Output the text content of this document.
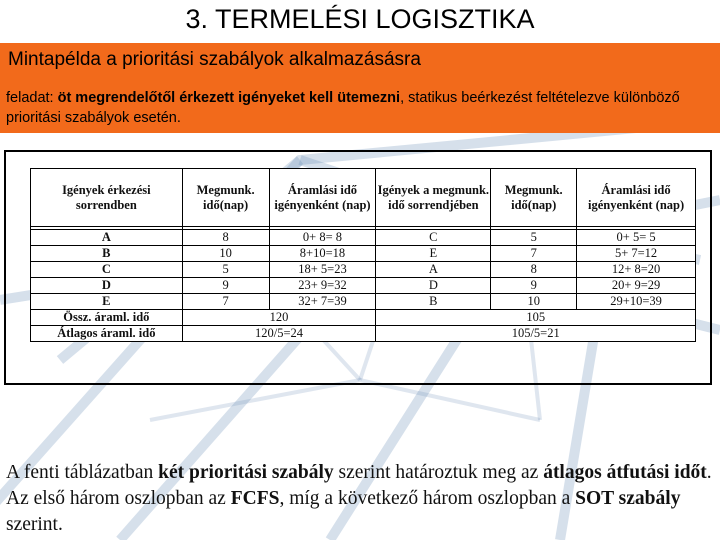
3. TERMELÉSI LOGISZTIKA
Mintapélda a prioritási szabályok alkalmazásásra
feladat: öt megrendelőtől érkezett igényeket kell ütemezni, statikus beérkezést feltételezve különböző prioritási szabályok esetén.
Igények érkezési sorrendben	Megmunk. idő(nap)	Áramlási idő igényenként (nap)	Igények a megmunk. idő sorrendjében	Megmunk. idő(nap)	Áramlási idő igényenként (nap)

A	8	0+ 8= 8	C	5	0+ 5= 5
B	10	8+10=18	E	7	5+ 7=12
C	5	18+ 5=23	A	8	12+ 8=20
D	9	23+ 9=32	D	9	20+ 9=29
E	7	32+ 7=39	B	10	29+10=39
Össz. áraml. idő	120		105		
Átlagos áraml. idő	120/5=24		105/5=21		
A fenti táblázatban két prioritási szabály szerint határoztuk meg az átlagos átfutási időt. Az első három oszlopban az FCFS, míg a következő három oszlopban a SOT szabály szerint.
